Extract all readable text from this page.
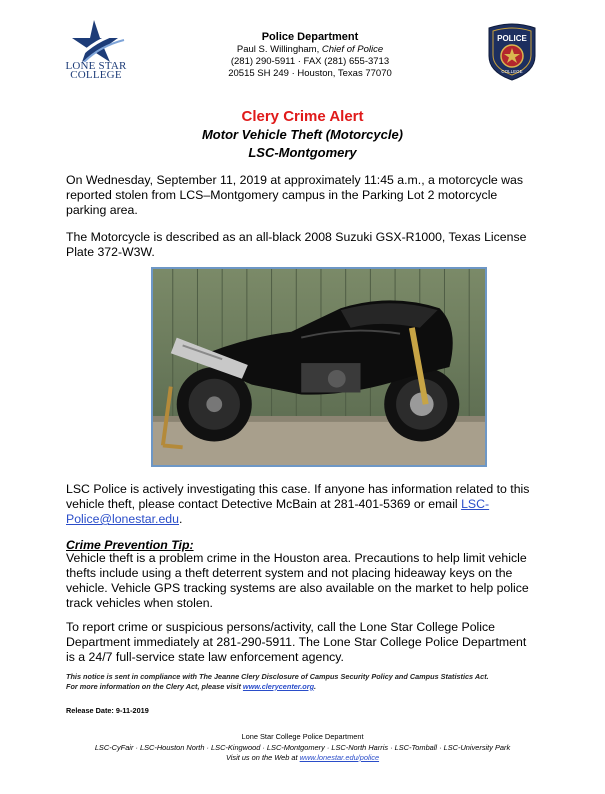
LONE STAR
COLLEGE
Police Department
Paul S. Willingham, Chief of Police
(281) 290-5911 · FAX (281) 655-3713
20515 SH 249 · Houston, Texas 77070
POLICE
COLLEGE
Clery Crime Alert
Motor Vehicle Theft (Motorcycle)
LSC-Montgomery

On Wednesday, September 11, 2019 at approximately 11:45 a.m., a motorcycle was reported stolen from LCS–Montgomery campus in the Parking Lot 2 motorcycle parking area.

The Motorcycle is described as an all-black 2008 Suzuki GSX-R1000, Texas License Plate 372-W3W.

LSC Police is actively investigating this case. If anyone has information related to this vehicle theft, please contact Detective McBain at 281-401-5369 or email LSC-Police@lonestar.edu.

Crime Prevention Tip:

Vehicle theft is a problem crime in the Houston area. Precautions to help limit vehicle thefts include using a theft deterrent system and not placing hideaway keys on the vehicle. Vehicle GPS tracking systems are also available on the market to help police track vehicles when stolen.

To report crime or suspicious persons/activity, call the Lone Star College Police Department immediately at 281-290-5911. The Lone Star College Police Department is a 24/7 full-service state law enforcement agency.

This notice is sent in compliance with The Jeanne Clery Disclosure of Campus Security Policy and Campus Statistics Act.
For more information on the Clery Act, please visit www.clerycenter.org.
Release Date: 9-11-2019
Lone Star College Police Department
LSC-CyFair · LSC-Houston North · LSC-Kingwood · LSC-Montgomery · LSC-North Harris · LSC-Tomball · LSC-University Park
Visit us on the Web at www.lonestar.edu/police
